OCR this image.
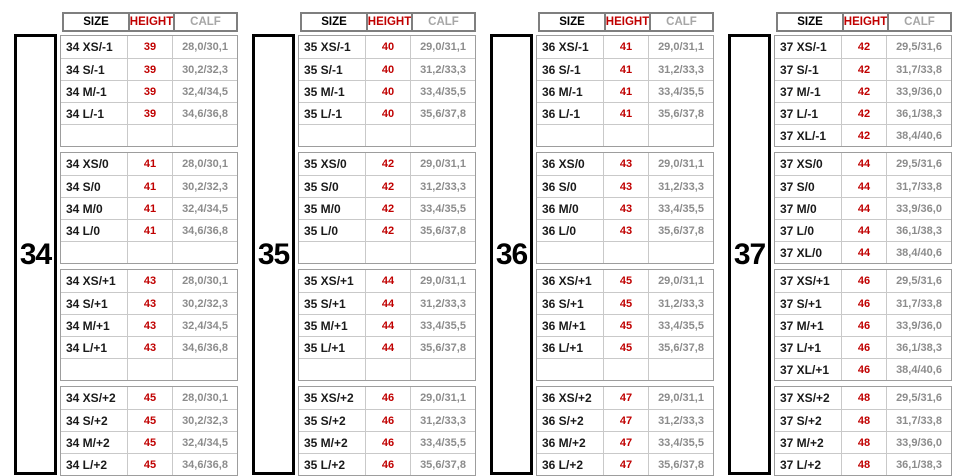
34
SIZE	HEIGHT	CALF
34 XS/-1	39	28,0/30,1
34 S/-1	39	30,2/32,3
34 M/-1	39	32,4/34,5
34 L/-1	39	34,6/36,8
34 XS/0	41	28,0/30,1
34 S/0	41	30,2/32,3
34 M/0	41	32,4/34,5
34 L/0	41	34,6/36,8
34 XS/+1	43	28,0/30,1
34 S/+1	43	30,2/32,3
34 M/+1	43	32,4/34,5
34 L/+1	43	34,6/36,8
34 XS/+2	45	28,0/30,1
34 S/+2	45	30,2/32,3
34 M/+2	45	32,4/34,5
34 L/+2	45	34,6/36,8
35
SIZE	HEIGHT	CALF
35 XS/-1	40	29,0/31,1
35 S/-1	40	31,2/33,3
35 M/-1	40	33,4/35,5
35 L/-1	40	35,6/37,8
35 XS/0	42	29,0/31,1
35 S/0	42	31,2/33,3
35 M/0	42	33,4/35,5
35 L/0	42	35,6/37,8
35 XS/+1	44	29,0/31,1
35 S/+1	44	31,2/33,3
35 M/+1	44	33,4/35,5
35 L/+1	44	35,6/37,8
35 XS/+2	46	29,0/31,1
35 S/+2	46	31,2/33,3
35 M/+2	46	33,4/35,5
35 L/+2	46	35,6/37,8
36
SIZE	HEIGHT	CALF
36 XS/-1	41	29,0/31,1
36 S/-1	41	31,2/33,3
36 M/-1	41	33,4/35,5
36 L/-1	41	35,6/37,8
36 XS/0	43	29,0/31,1
36 S/0	43	31,2/33,3
36 M/0	43	33,4/35,5
36 L/0	43	35,6/37,8
36 XS/+1	45	29,0/31,1
36 S/+1	45	31,2/33,3
36 M/+1	45	33,4/35,5
36 L/+1	45	35,6/37,8
36 XS/+2	47	29,0/31,1
36 S/+2	47	31,2/33,3
36 M/+2	47	33,4/35,5
36 L/+2	47	35,6/37,8
37
SIZE	HEIGHT	CALF
37 XS/-1	42	29,5/31,6
37 S/-1	42	31,7/33,8
37 M/-1	42	33,9/36,0
37 L/-1	42	36,1/38,3
37 XL/-1	42	38,4/40,6
37 XS/0	44	29,5/31,6
37 S/0	44	31,7/33,8
37 M/0	44	33,9/36,0
37 L/0	44	36,1/38,3
37 XL/0	44	38,4/40,6
37 XS/+1	46	29,5/31,6
37 S/+1	46	31,7/33,8
37 M/+1	46	33,9/36,0
37 L/+1	46	36,1/38,3
37 XL/+1	46	38,4/40,6
37 XS/+2	48	29,5/31,6
37 S/+2	48	31,7/33,8
37 M/+2	48	33,9/36,0
37 L/+2	48	36,1/38,3
